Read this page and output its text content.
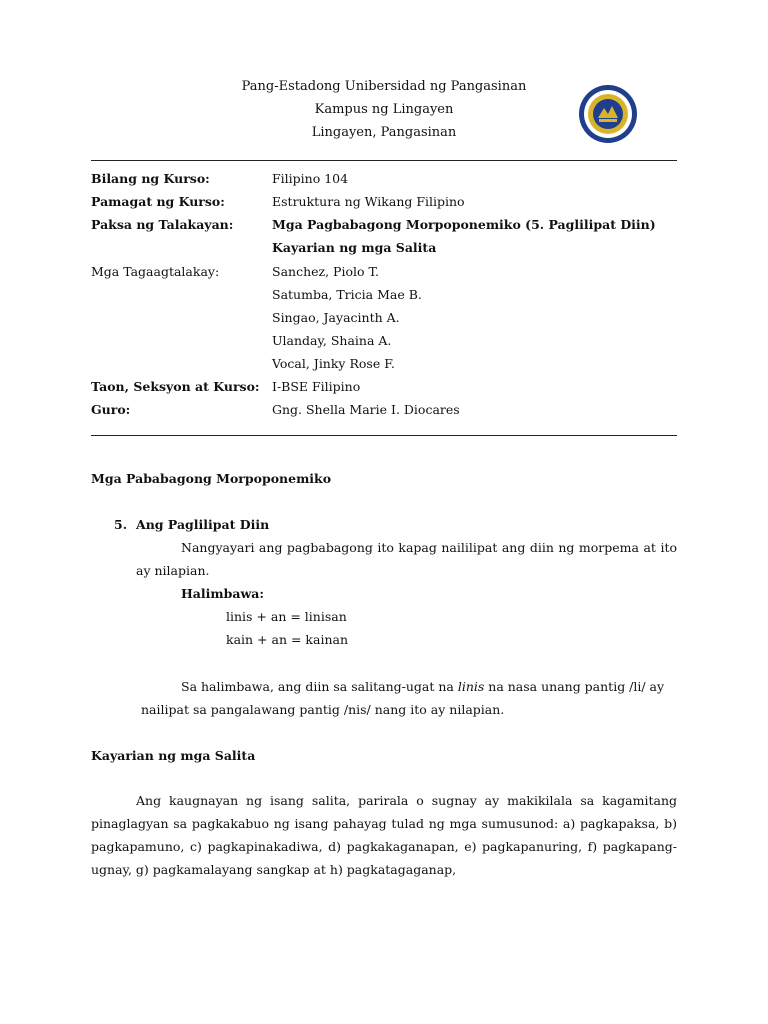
Pang-Estadong Unibersidad ng Pangasinan
Kampus ng Lingayen
Lingayen, Pangasinan
Bilang ng Kurso:	Filipino 104
Pamagat ng Kurso:	Estruktura ng Wikang Filipino
Paksa ng Talakayan:	Mga Pagbabagong Morpoponemiko (5. Paglilipat Diin)
Kayarian ng mga Salita
Mga Tagaagtalakay:	Sanchez, Piolo T.
Satumba, Tricia Mae B.
Singao, Jayacinth A.
Ulanday, Shaina A.
Vocal, Jinky Rose F.
Taon, Seksyon at Kurso: I-BSE Filipino
Guro:	Gng. Shella Marie I. Diocares
Mga Pababagong Morpoponemiko
5. Ang Paglilipat Diin
Nangyayari ang pagbabagong ito kapag naililipat ang diin ng morpema at ito
ay nilapian.
Halimbawa:
linis + an = linisan
kain + an = kainan
Sa halimbawa, ang diin sa salitang-ugat na linis na nasa unang pantig /li/ ay
nailipat sa pangalawang pantig /nis/ nang ito ay nilapian.
Kayarian ng mga Salita
Ang kaugnayan ng isang salita, parirala o sugnay ay makikilala sa kagamitang pinaglagyan sa pagkakabuo ng isang pahayag tulad ng mga sumusunod: a) pagkapaksa, b) pagkapamuno, c) pagkapinakadiwa, d) pagkakaganapan, e) pagkapanuring, f) pagkapang-ugnay, g) pagkamalayang sangkap at h) pagkatagaganap,
